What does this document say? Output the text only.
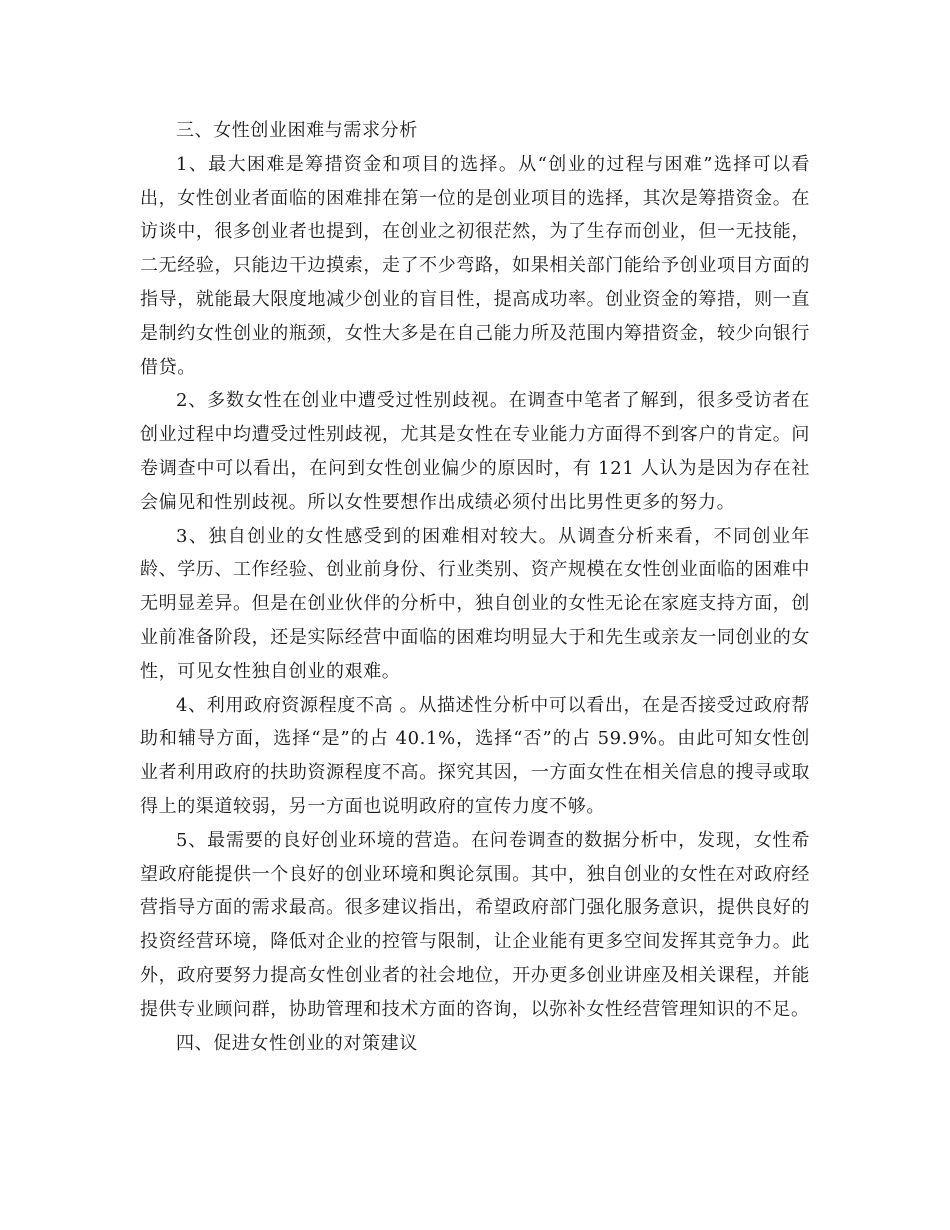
三、女性创业困难与需求分析

1、最大困难是筹措资金和项目的选择。从“创业的过程与困难”选择可以看出，女性创业者面临的困难排在第一位的是创业项目的选择，其次是筹措资金。在访谈中，很多创业者也提到，在创业之初很茫然，为了生存而创业，但一无技能，二无经验，只能边干边摸索，走了不少弯路，如果相关部门能给予创业项目方面的指导，就能最大限度地减少创业的盲目性，提高成功率。创业资金的筹措，则一直是制约女性创业的瓶颈，女性大多是在自己能力所及范围内筹措资金，较少向银行借贷。

2、多数女性在创业中遭受过性别歧视。在调查中笔者了解到，很多受访者在创业过程中均遭受过性别歧视，尤其是女性在专业能力方面得不到客户的肯定。问卷调查中可以看出，在问到女性创业偏少的原因时，有 121 人认为是因为存在社会偏见和性别歧视。所以女性要想作出成绩必须付出比男性更多的努力。

3、独自创业的女性感受到的困难相对较大。从调查分析来看，不同创业年龄、学历、工作经验、创业前身份、行业类别、资产规模在女性创业面临的困难中无明显差异。但是在创业伙伴的分析中，独自创业的女性无论在家庭支持方面，创业前准备阶段，还是实际经营中面临的困难均明显大于和先生或亲友一同创业的女性，可见女性独自创业的艰难。

4、利用政府资源程度不高 。从描述性分析中可以看出，在是否接受过政府帮助和辅导方面，选择“是”的占 40.1%，选择“否”的占 59.9%。由此可知女性创业者利用政府的扶助资源程度不高。探究其因，一方面女性在相关信息的搜寻或取得上的渠道较弱，另一方面也说明政府的宣传力度不够。

5、最需要的良好创业环境的营造。在问卷调查的数据分析中，发现，女性希望政府能提供一个良好的创业环境和舆论氛围。其中，独自创业的女性在对政府经营指导方面的需求最高。很多建议指出，希望政府部门强化服务意识，提供良好的投资经营环境，降低对企业的控管与限制，让企业能有更多空间发挥其竞争力。此外，政府要努力提高女性创业者的社会地位，开办更多创业讲座及相关课程，并能提供专业顾问群，协助管理和技术方面的咨询，以弥补女性经营管理知识的不足。

四、促进女性创业的对策建议
